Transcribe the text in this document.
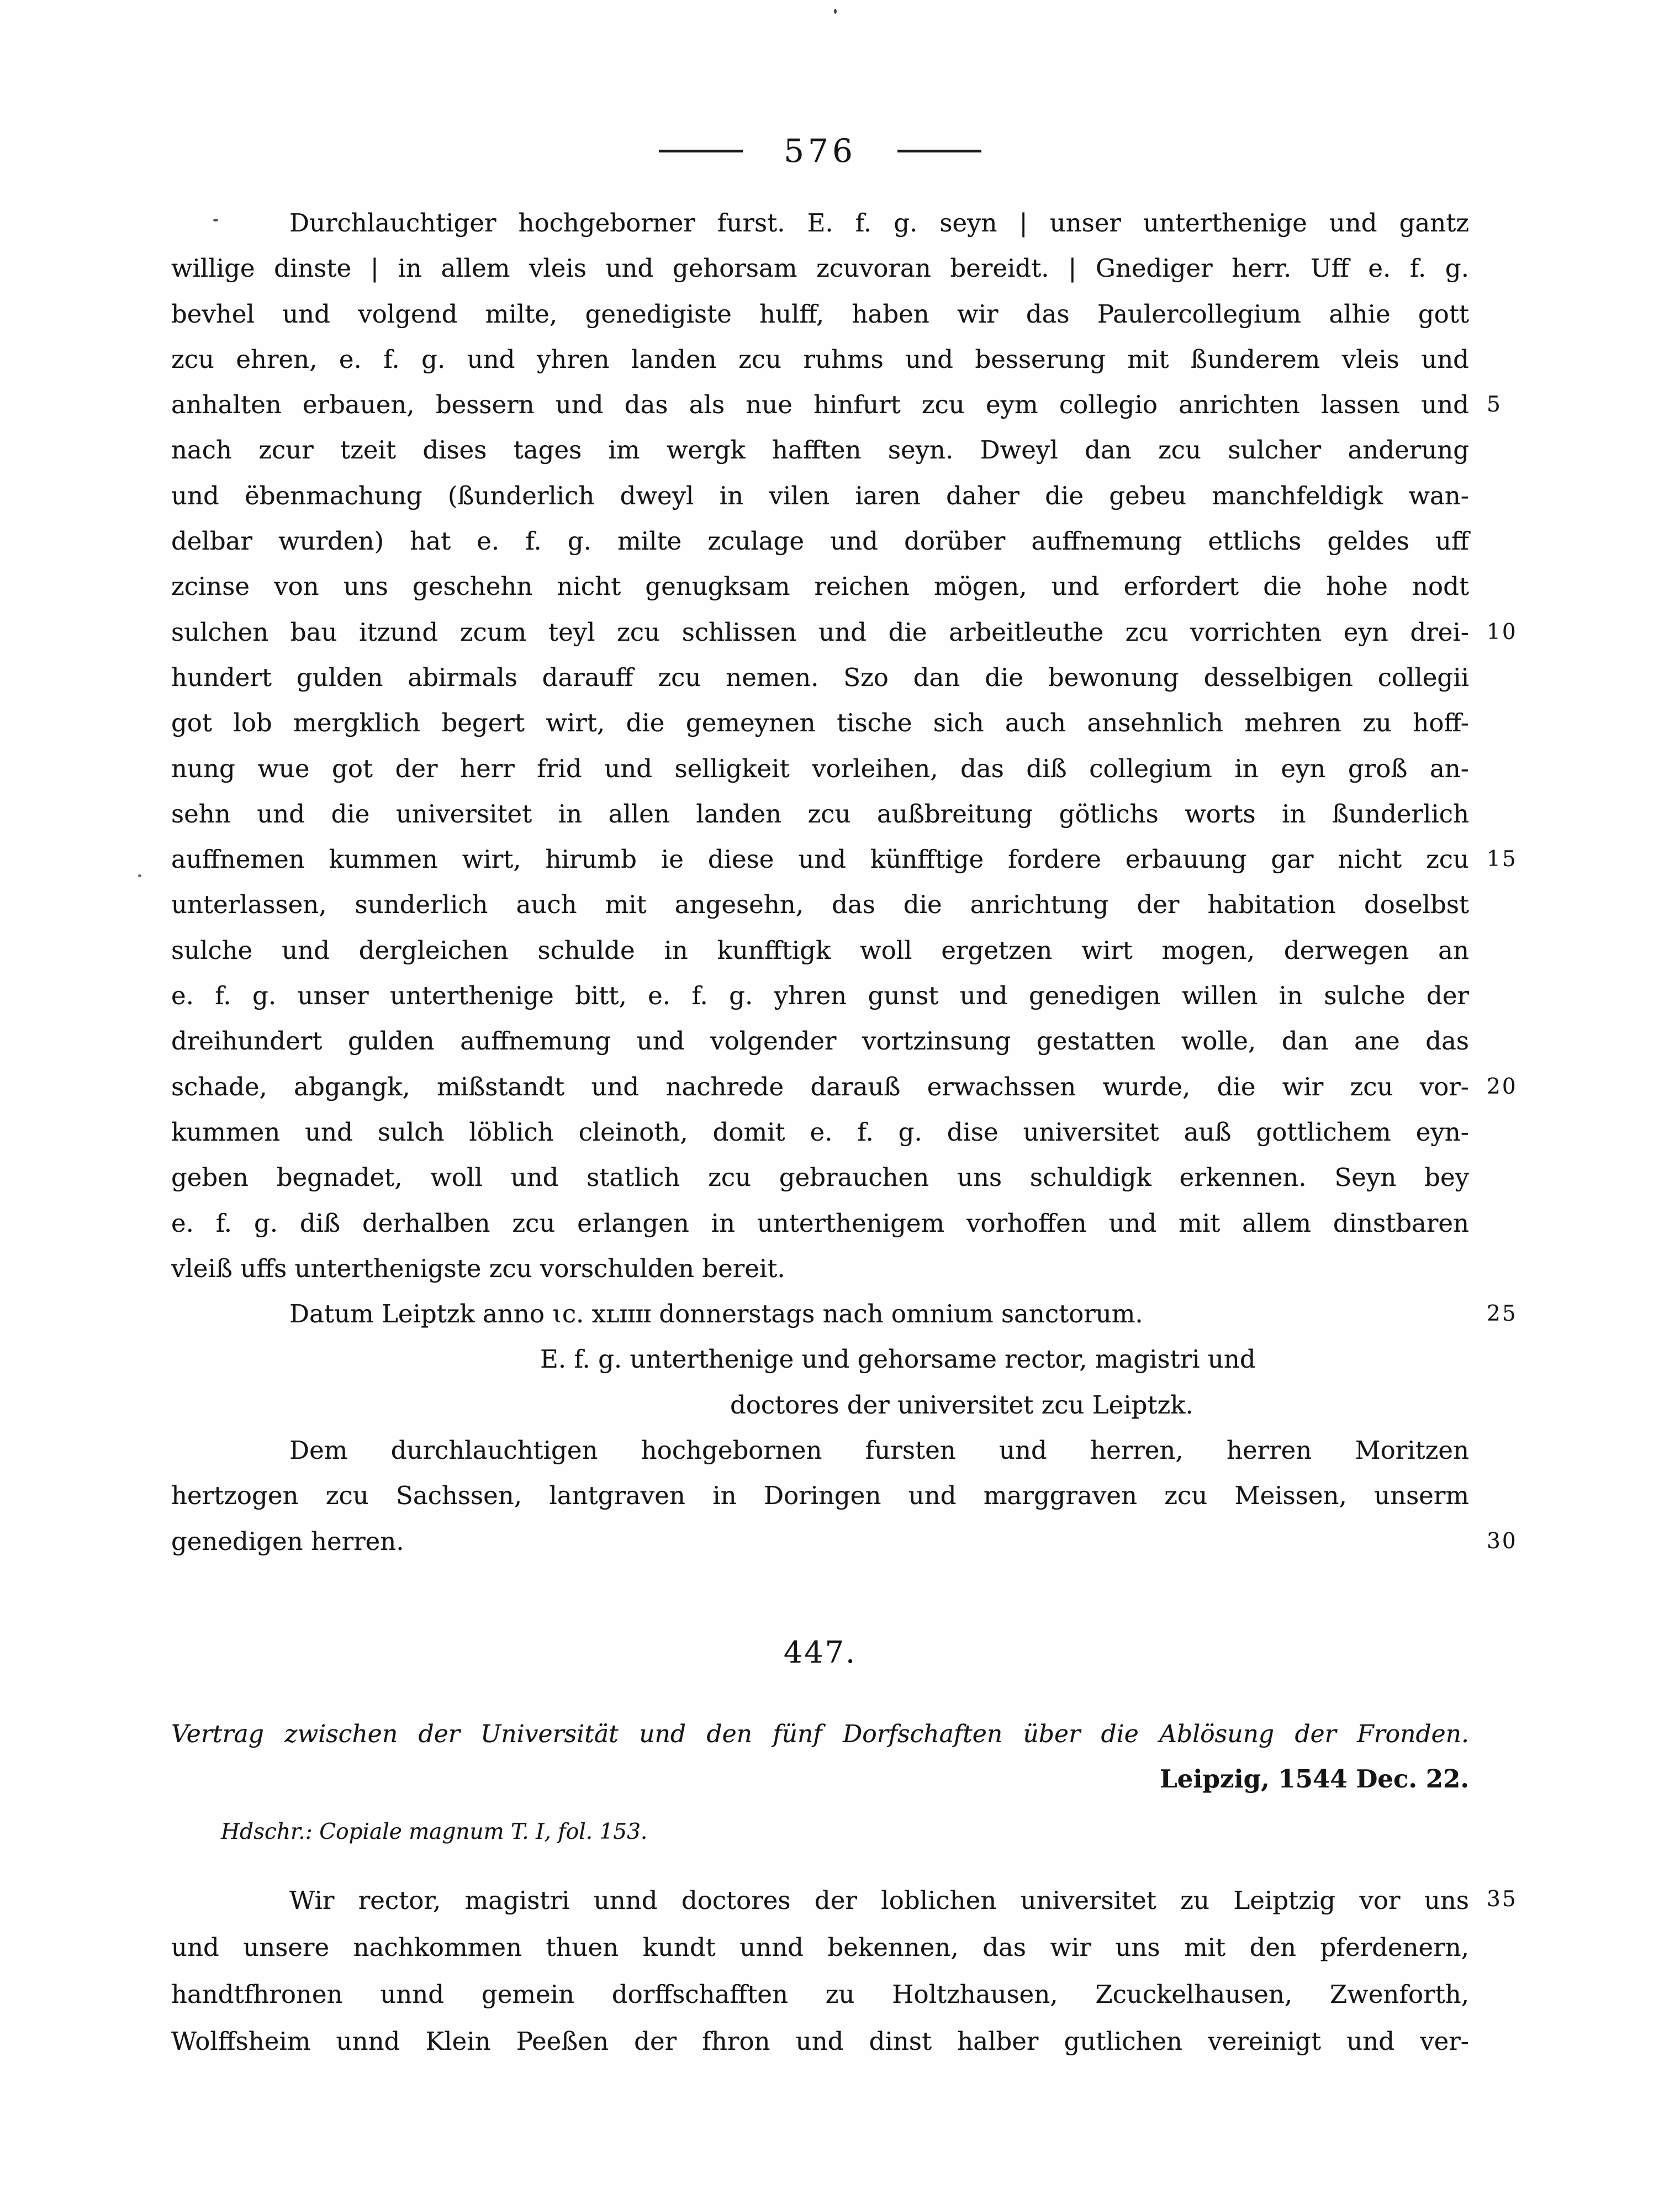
576
Durchlauchtiger hochgeborner furst. E. f. g. seyn | unser unterthenige und gantz
willige dinste | in allem vleis und gehorsam zcuvoran bereidt. | Gnediger herr. Uff e. f. g.
bevhel und volgend milte, genedigiste hulff, haben wir das Paulercollegium alhie gott
zcu ehren, e. f. g. und yhren landen zcu ruhms und besserung mit ßunderem vleis und
anhalten erbauen, bessern und das als nue hinfurt zcu eym collegio anrichten lassen und
nach zcur tzeit dises tages im wergk hafften seyn. Dweyl dan zcu sulcher anderung
und ëbenmachung (ßunderlich dweyl in vilen iaren daher die gebeu manchfeldigk wan-
delbar wurden) hat e. f. g. milte zculage und dorüber auffnemung ettlichs geldes uff
zcinse von uns geschehn nicht genugksam reichen mögen, und erfordert die hohe nodt
sulchen bau itzund zcum teyl zcu schlissen und die arbeitleuthe zcu vorrichten eyn drei-
hundert gulden abirmals darauff zcu nemen. Szo dan die bewonung desselbigen collegii
got lob mergklich begert wirt, die gemeynen tische sich auch ansehnlich mehren zu hoff-
nung wue got der herr frid und selligkeit vorleihen, das diß collegium in eyn groß an-
sehn und die universitet in allen landen zcu außbreitung götlichs worts in ßunderlich
auffnemen kummen wirt, hirumb ie diese und künfftige fordere erbauung gar nicht zcu
unterlassen, sunderlich auch mit angesehn, das die anrichtung der habitation doselbst
sulche und dergleichen schulde in kunfftigk woll ergetzen wirt mogen, derwegen an
e. f. g. unser unterthenige bitt, e. f. g. yhren gunst und genedigen willen in sulche der
dreihundert gulden auffnemung und volgender vortzinsung gestatten wolle, dan ane das
schade, abgangk, mißstandt und nachrede darauß erwachssen wurde, die wir zcu vor-
kummen und sulch löblich cleinoth, domit e. f. g. dise universitet auß gottlichem eyn-
geben begnadet, woll und statlich zcu gebrauchen uns schuldigk erkennen. Seyn bey
e. f. g. diß derhalben zcu erlangen in unterthenigem vorhoffen und mit allem dinstbaren
vleiß uffs unterthenigste zcu vorschulden bereit.
Datum Leiptzk anno ɩc. xʟɪɪɪɪ donnerstags nach omnium sanctorum.
E. f. g. unterthenige und gehorsame rector, magistri und
doctores der universitet zcu Leiptzk.
Dem durchlauchtigen hochgebornen fursten und herren, herren Moritzen
hertzogen zcu Sachssen, lantgraven in Doringen und marggraven zcu Meissen, unserm
genedigen herren.
5
10
15
20
25
30
35
447.

Vertrag zwischen der Universität und den fünf Dorfschaften über die Ablösung der Fronden.

Leipzig, 1544 Dec. 22.

Hdschr.: Copiale magnum T. I, fol. 153.

Wir rector, magistri unnd doctores der loblichen universitet zu Leiptzig vor uns
und unsere nachkommen thuen kundt unnd bekennen, das wir uns mit den pferdenern,
handtfhronen unnd gemein dorffschafften zu Holtzhausen, Zcuckelhausen, Zwenforth,
Wolffsheim unnd Klein Peeßen der fhron und dinst halber gutlichen vereinigt und ver-
